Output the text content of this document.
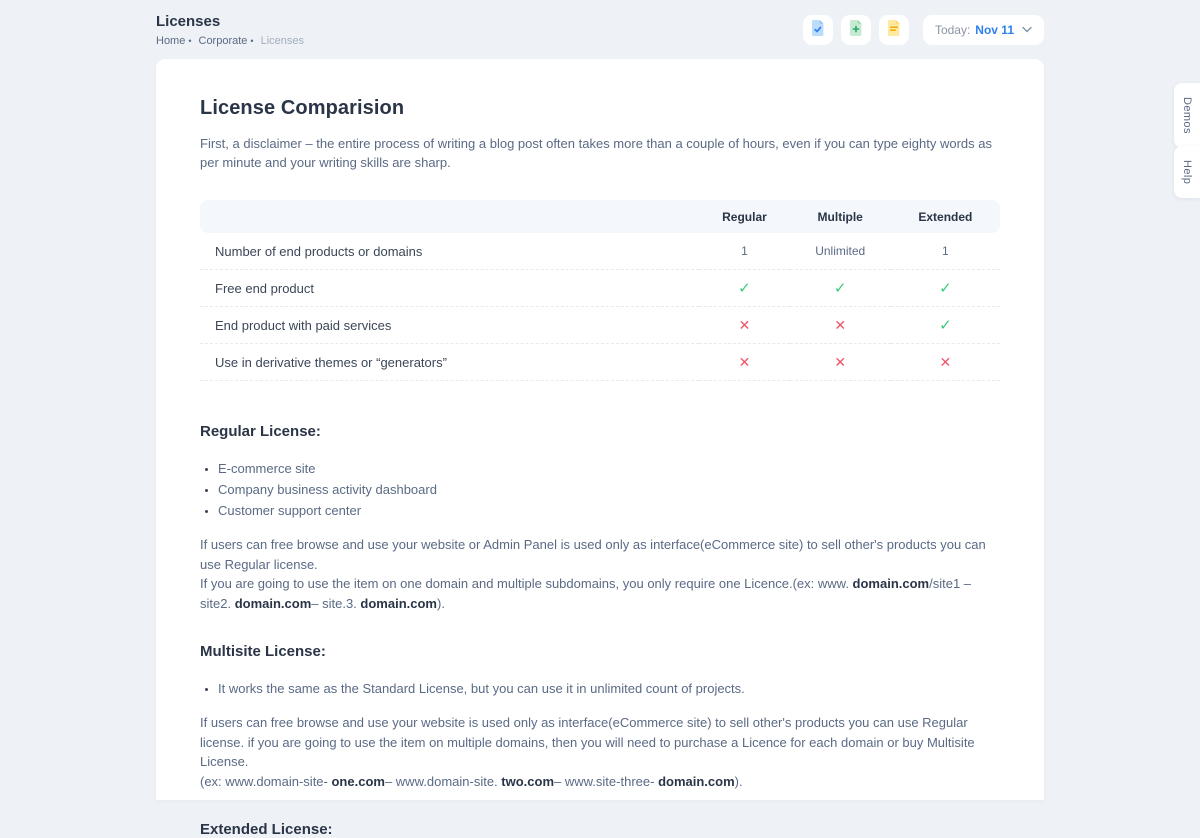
Licenses
Home • Corporate • Licenses
Today: Nov 11
License Comparision

First, a disclaimer – the entire process of writing a blog post often takes more than a couple of hours, even if you can type eighty words as per minute and your writing skills are sharp.

	Regular	Multiple	Extended
Number of end products or domains	1	Unlimited	1
Free end product	✓	✓	✓
End product with paid services	✕	✕	✓
Use in derivative themes or “generators”	✕	✕	✕
Regular License:
• E-commerce site
• Company business activity dashboard
• Customer support center

If users can free browse and use your website or Admin Panel is used only as interface(eCommerce site) to sell other's products you can use Regular license.
If you are going to use the item on one domain and multiple subdomains, you only require one Licence.(ex: www. domain.com/site1 – site2. domain.com– site.3. domain.com).

Multisite License:
• It works the same as the Standard License, but you can use it in unlimited count of projects.

If users can free browse and use your website is used only as interface(eCommerce site) to sell other's products you can use Regular license. if you are going to use the item on multiple domains, then you will need to purchase a Licence for each domain or buy Multisite License.
(ex: www.domain-site- one.com– www.domain-site. two.com– www.site-three- domain.com).

Extended License:
Demos
Help
